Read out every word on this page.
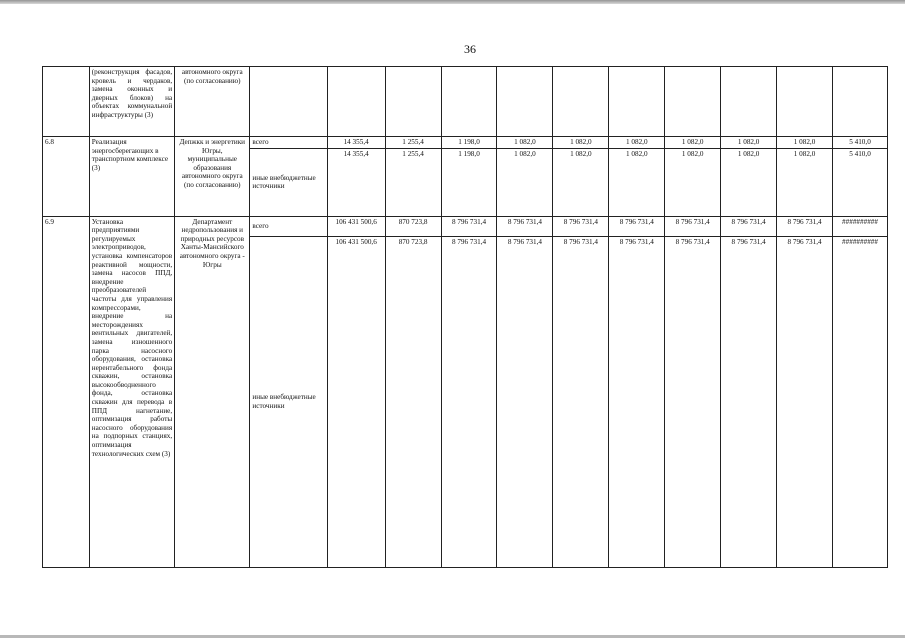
36
	(реконструкция фасадов, кровель и чердаков, замена оконных и дверных блоков) на объектах коммунальной инфраструктуры (3)	автономного округа (по согласованию)											
6.8	Реализация энергосберегающих в транспортном комплексе (3)	Депжкк и энергетики Югры, муниципальные образования автономного округа (по согласованию)	всего	14 355,4	1 255,4	1 198,0	1 082,0	1 082,0	1 082,0	1 082,0	1 082,0	1 082,0	5 410,0
			иные внебюджетные источники	14 355,4	1 255,4	1 198,0	1 082,0	1 082,0	1 082,0	1 082,0	1 082,0	1 082,0	5 410,0
6.9	Установка предприятиями регулируемых электроприводов, установка компенсаторов реактивной мощности, замена насосов ППД, внедрение преобразователей частоты для управления компрессорами, внедрение на месторождениях вентильных двигателей, замена изношенного парка насосного оборудования, остановка нерентабельного фонда скважин, остановка высокообводненного фонда, остановка скважин для перевода в ППД нагнетание, оптимизация работы насосного оборудования на подпорных станциях, оптимизация технологических схем (3)	Департамент недропользования и природных ресурсов Ханты-Мансийского автономного округа - Югры	всего	106 431 500,6	870 723,8	8 796 731,4	8 796 731,4	8 796 731,4	8 796 731,4	8 796 731,4	8 796 731,4	8 796 731,4	##########
			иные внебюджетные источники	106 431 500,6	870 723,8	8 796 731,4	8 796 731,4	8 796 731,4	8 796 731,4	8 796 731,4	8 796 731,4	8 796 731,4	##########
